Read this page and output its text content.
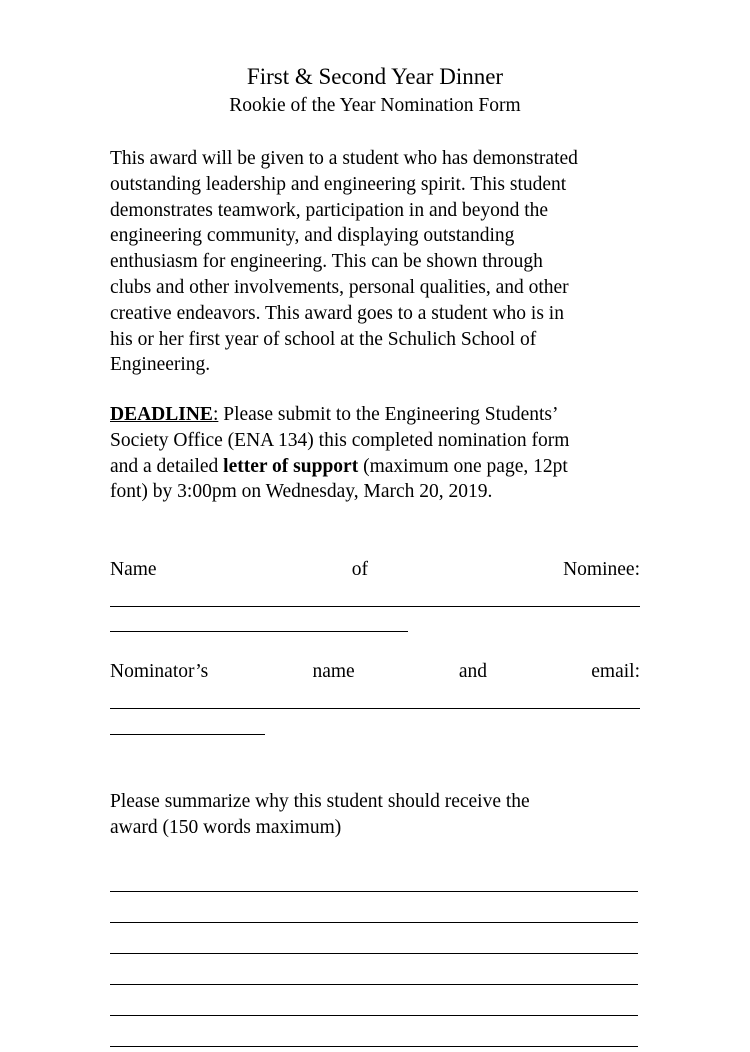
First & Second Year Dinner
Rookie of the Year Nomination Form
This award will be given to a student who has demonstrated
outstanding leadership and engineering spirit. This student
demonstrates teamwork, participation in and beyond the
engineering community, and displaying outstanding
enthusiasm for engineering. This can be shown through
clubs and other involvements, personal qualities, and other
creative endeavors. This award goes to a student who is in
his or her first year of school at the Schulich School of
Engineering.
DEADLINE: Please submit to the Engineering Students’
Society Office (ENA 134) this completed nomination form
and a detailed letter of support (maximum one page, 12pt
font) by 3:00pm on Wednesday, March 20, 2019.
Name	of	Nominee:
Nominator’s	name	and	email:
Please summarize why this student should receive the
award (150 words maximum)
